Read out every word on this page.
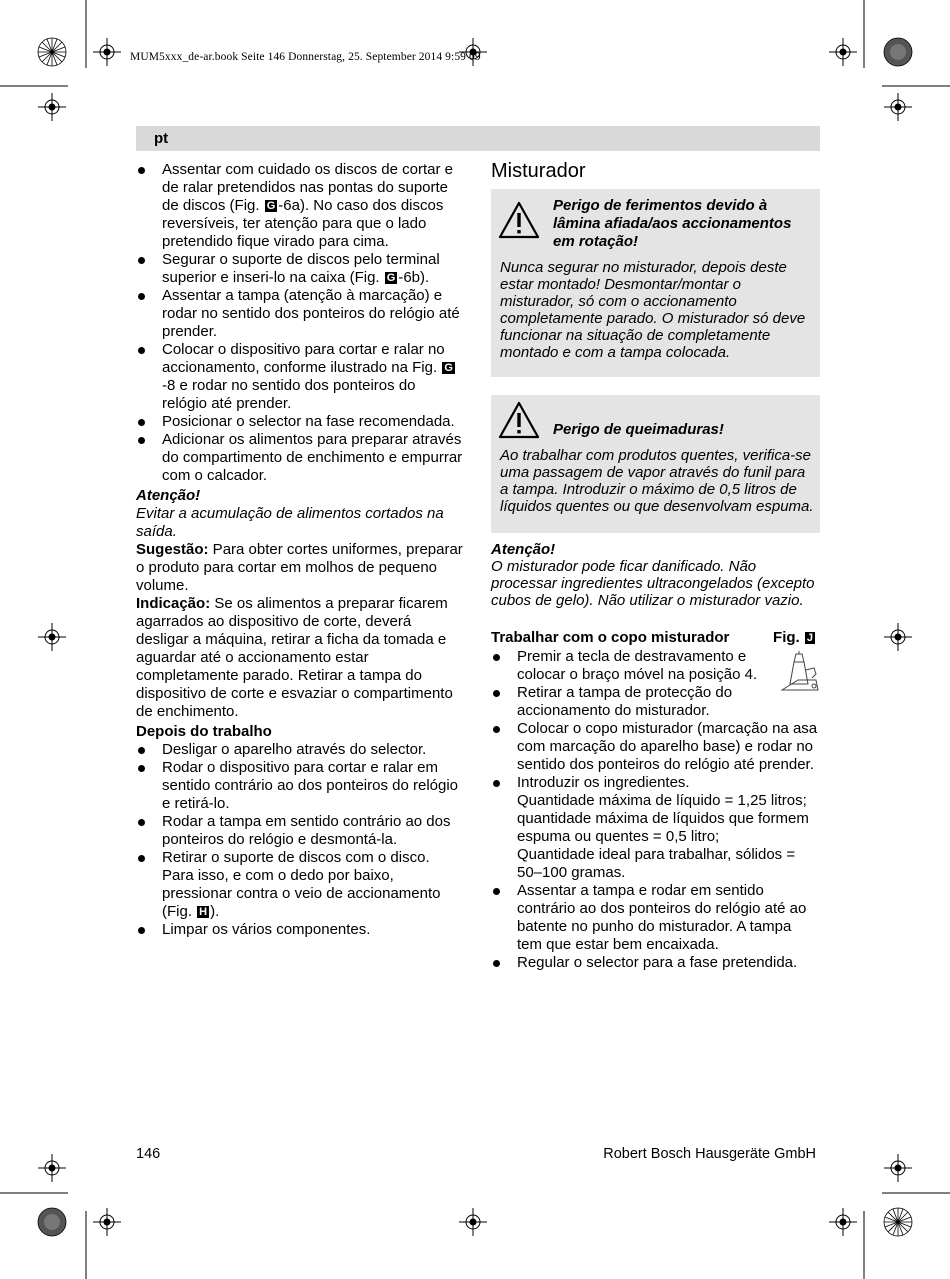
MUM5xxx_de-ar.book Seite 146 Donnerstag, 25. September 2014 9:59 09
pt
Assentar com cuidado os discos de cortar e de ralar pretendidos nas pontas do suporte de discos (Fig. G -6a). No caso dos discos reversíveis, ter atenção para que o lado pretendido fique virado para cima.
Segurar o suporte de discos pelo terminal superior e inseri-lo na caixa (Fig. G -6b).
Assentar a tampa (atenção à marcação) e rodar no sentido dos ponteiros do relógio até prender.
Colocar o dispositivo para cortar e ralar no accionamento, conforme ilustrado na Fig. G-8 e rodar no sentido dos ponteiros do relógio até prender.
Posicionar o selector na fase recomendada.
Adicionar os alimentos para preparar através do compartimento de enchimento e empurrar com o calcador.

Atenção!

Evitar a acumulação de alimentos cortados na saída.

Sugestão: Para obter cortes uniformes, preparar o produto para cortar em molhos de pequeno volume.

Indicação: Se os alimentos a preparar ficarem agarrados ao dispositivo de corte, deverá desligar a máquina, retirar a ficha da tomada e aguardar até o accionamento estar completamente parado. Retirar a tampa do dispositivo de corte e esvaziar o compartimento de enchimento.

Depois do trabalho

Desligar o aparelho através do selector.
Rodar o dispositivo para cortar e ralar em sentido contrário ao dos ponteiros do relógio e retirá-lo.
Rodar a tampa em sentido contrário ao dos ponteiros do relógio e desmontá-la.
Retirar o suporte de discos com o disco. Para isso, e com o dedo por baixo, pressionar contra o veio de accionamento (Fig. H ).
Limpar os vários componentes.
Misturador
Perigo de ferimentos devido à lâmina afiada/aos accionamentos em rotação!
Nunca segurar no misturador, depois deste estar montado! Desmontar/montar o misturador, só com o accionamento completamente parado. O misturador só deve funcionar na situação de completamente montado e com a tampa colocada.
Perigo de queimaduras!
Ao trabalhar com produtos quentes, verifica-se uma passagem de vapor através do funil para a tampa. Introduzir o máximo de 0,5 litros de líquidos quentes ou que desenvolvam espuma.

Atenção!

O misturador pode ficar danificado. Não processar ingredientes ultracongelados (excepto cubos de gelo). Não utilizar o misturador vazio.

Trabalhar com o copo misturador	Fig. J
Premir a tecla de destravamento e colocar o braço móvel na posição 4.
Retirar a tampa de protecção do accionamento do misturador.
Colocar o copo misturador (marcação na asa com marcação do aparelho base) e rodar no sentido dos ponteiros do relógio até prender.
Introduzir os ingredientes.
Quantidade máxima de líquido = 1,25 litros; quantidade máxima de líquidos que formem espuma ou quentes = 0,5 litro;
Quantidade ideal para trabalhar, sólidos = 50–100 gramas.
Assentar a tampa e rodar em sentido contrário ao dos ponteiros do relógio até ao batente no punho do misturador. A tampa tem que estar bem encaixada.
Regular o selector para a fase pretendida.
146	Robert Bosch Hausgeräte GmbH
